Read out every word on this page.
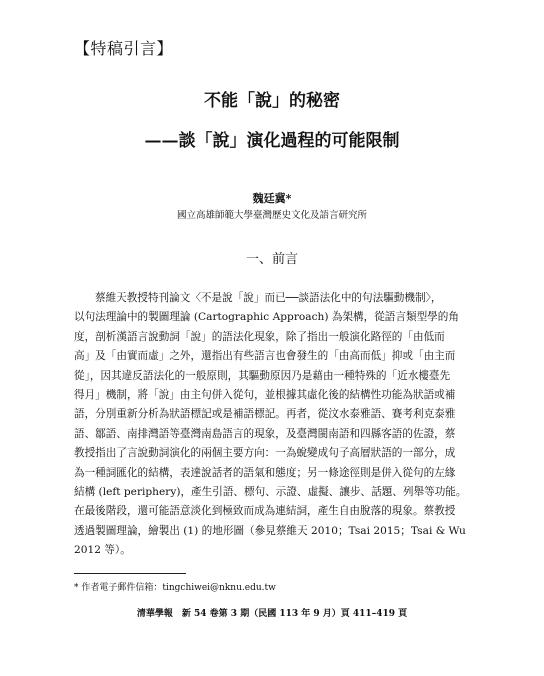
【特稿引言】
不能「說」的秘密
——談「說」演化過程的可能限制
魏廷冀*
國立高雄師範大學臺灣歷史文化及語言研究所
一、前言
蔡維天教授特刊論文〈不是說「說」而已──談語法化中的句法驅動機制〉，
以句法理論中的製圖理論 (Cartographic Approach) 為架構，從語言類型學的角
度，剖析漢語言說動詞「說」的語法化現象，除了指出一般演化路徑的「由低而
高」及「由實而虛」之外，還指出有些語言也會發生的「由高而低」抑或「由主而
從」，因其違反語法化的一般原則，其驅動原因乃是藉由一種特殊的「近水樓臺先
得月」機制，將「說」由主句併入從句，並根據其虛化後的結構性功能為狀語或補
語，分別重新分析為狀語標記或是補語標記。再者，從汶水泰雅語、賽考利克泰雅
語、鄒語、南排灣語等臺灣南島語言的現象，及臺灣閩南語和四縣客語的佐證，蔡
教授指出了言說動詞演化的兩個主要方向：一為蛻變成句子高層狀語的一部分，成
為一種詞匯化的結構，表達說話者的語氣和態度；另一條途徑則是併入從句的左緣
結構 (left periphery)，產生引語、標句、示證、虛擬、讓步、話題、列舉等功能。
在最後階段，還可能語意淡化到極致而成為連結詞，產生自由脫落的現象。蔡教授
透過製圖理論，繪製出 (1) 的地形圖（參見蔡維天 2010；Tsai 2015；Tsai & Wu
2012 等）。
* 作者電子郵件信箱：tingchiwei@nknu.edu.tw
清華學報　新 54 卷第 3 期（民國 113 年 9 月）頁 411–419 頁
